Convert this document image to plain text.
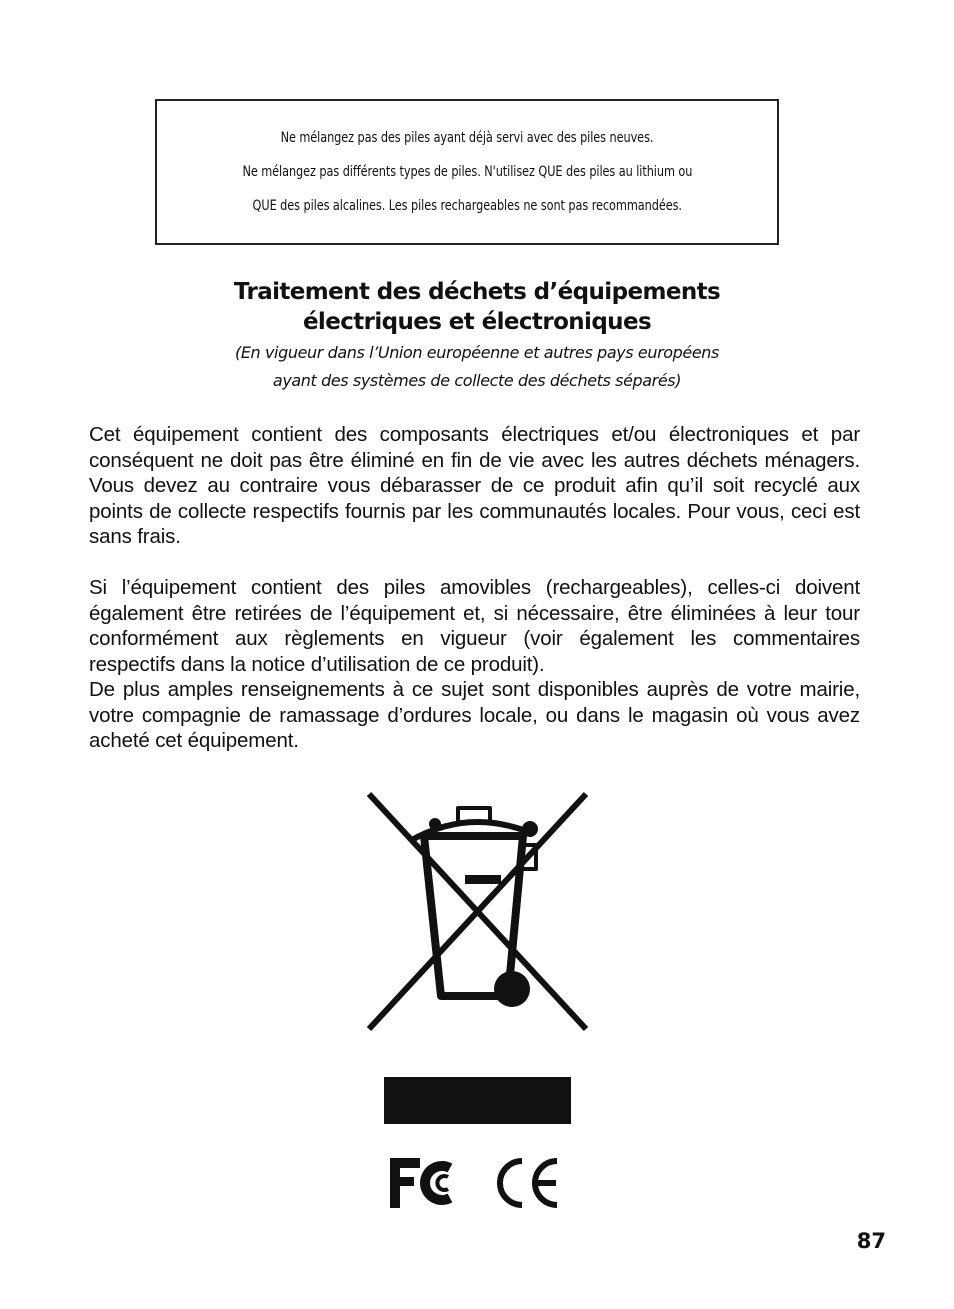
Ne mélangez pas des piles ayant déjà servi avec des piles neuves.
Ne mélangez pas différents types de piles. N'utilisez QUE des piles au lithium ou
QUE des piles alcalines. Les piles rechargeables ne sont pas recommandées.
Traitement des déchets d’équipements
électriques et électroniques
(En vigueur dans l’Union européenne et autres pays européens
ayant des systèmes de collecte des déchets séparés)

Cet équipement contient des composants électriques et/ou électroniques et par conséquent ne doit pas être éliminé en fin de vie avec les autres déchets ménagers. Vous devez au contraire vous débarasser de ce produit afin qu’il soit recyclé aux points de collecte respectifs fournis par les communautés locales. Pour vous, ceci est sans frais.

Si l’équipement contient des piles amovibles (rechargeables), celles-ci doivent également être retirées de l’équipement et, si nécessaire, être éliminées à leur tour conformément aux règlements en vigueur (voir également les commentaires respectifs dans la notice d’utilisation de ce produit).

De plus amples renseignements à ce sujet sont disponibles auprès de votre mairie, votre compagnie de ramassage d’ordures locale, ou dans le magasin où vous avez acheté cet équipement.

87
